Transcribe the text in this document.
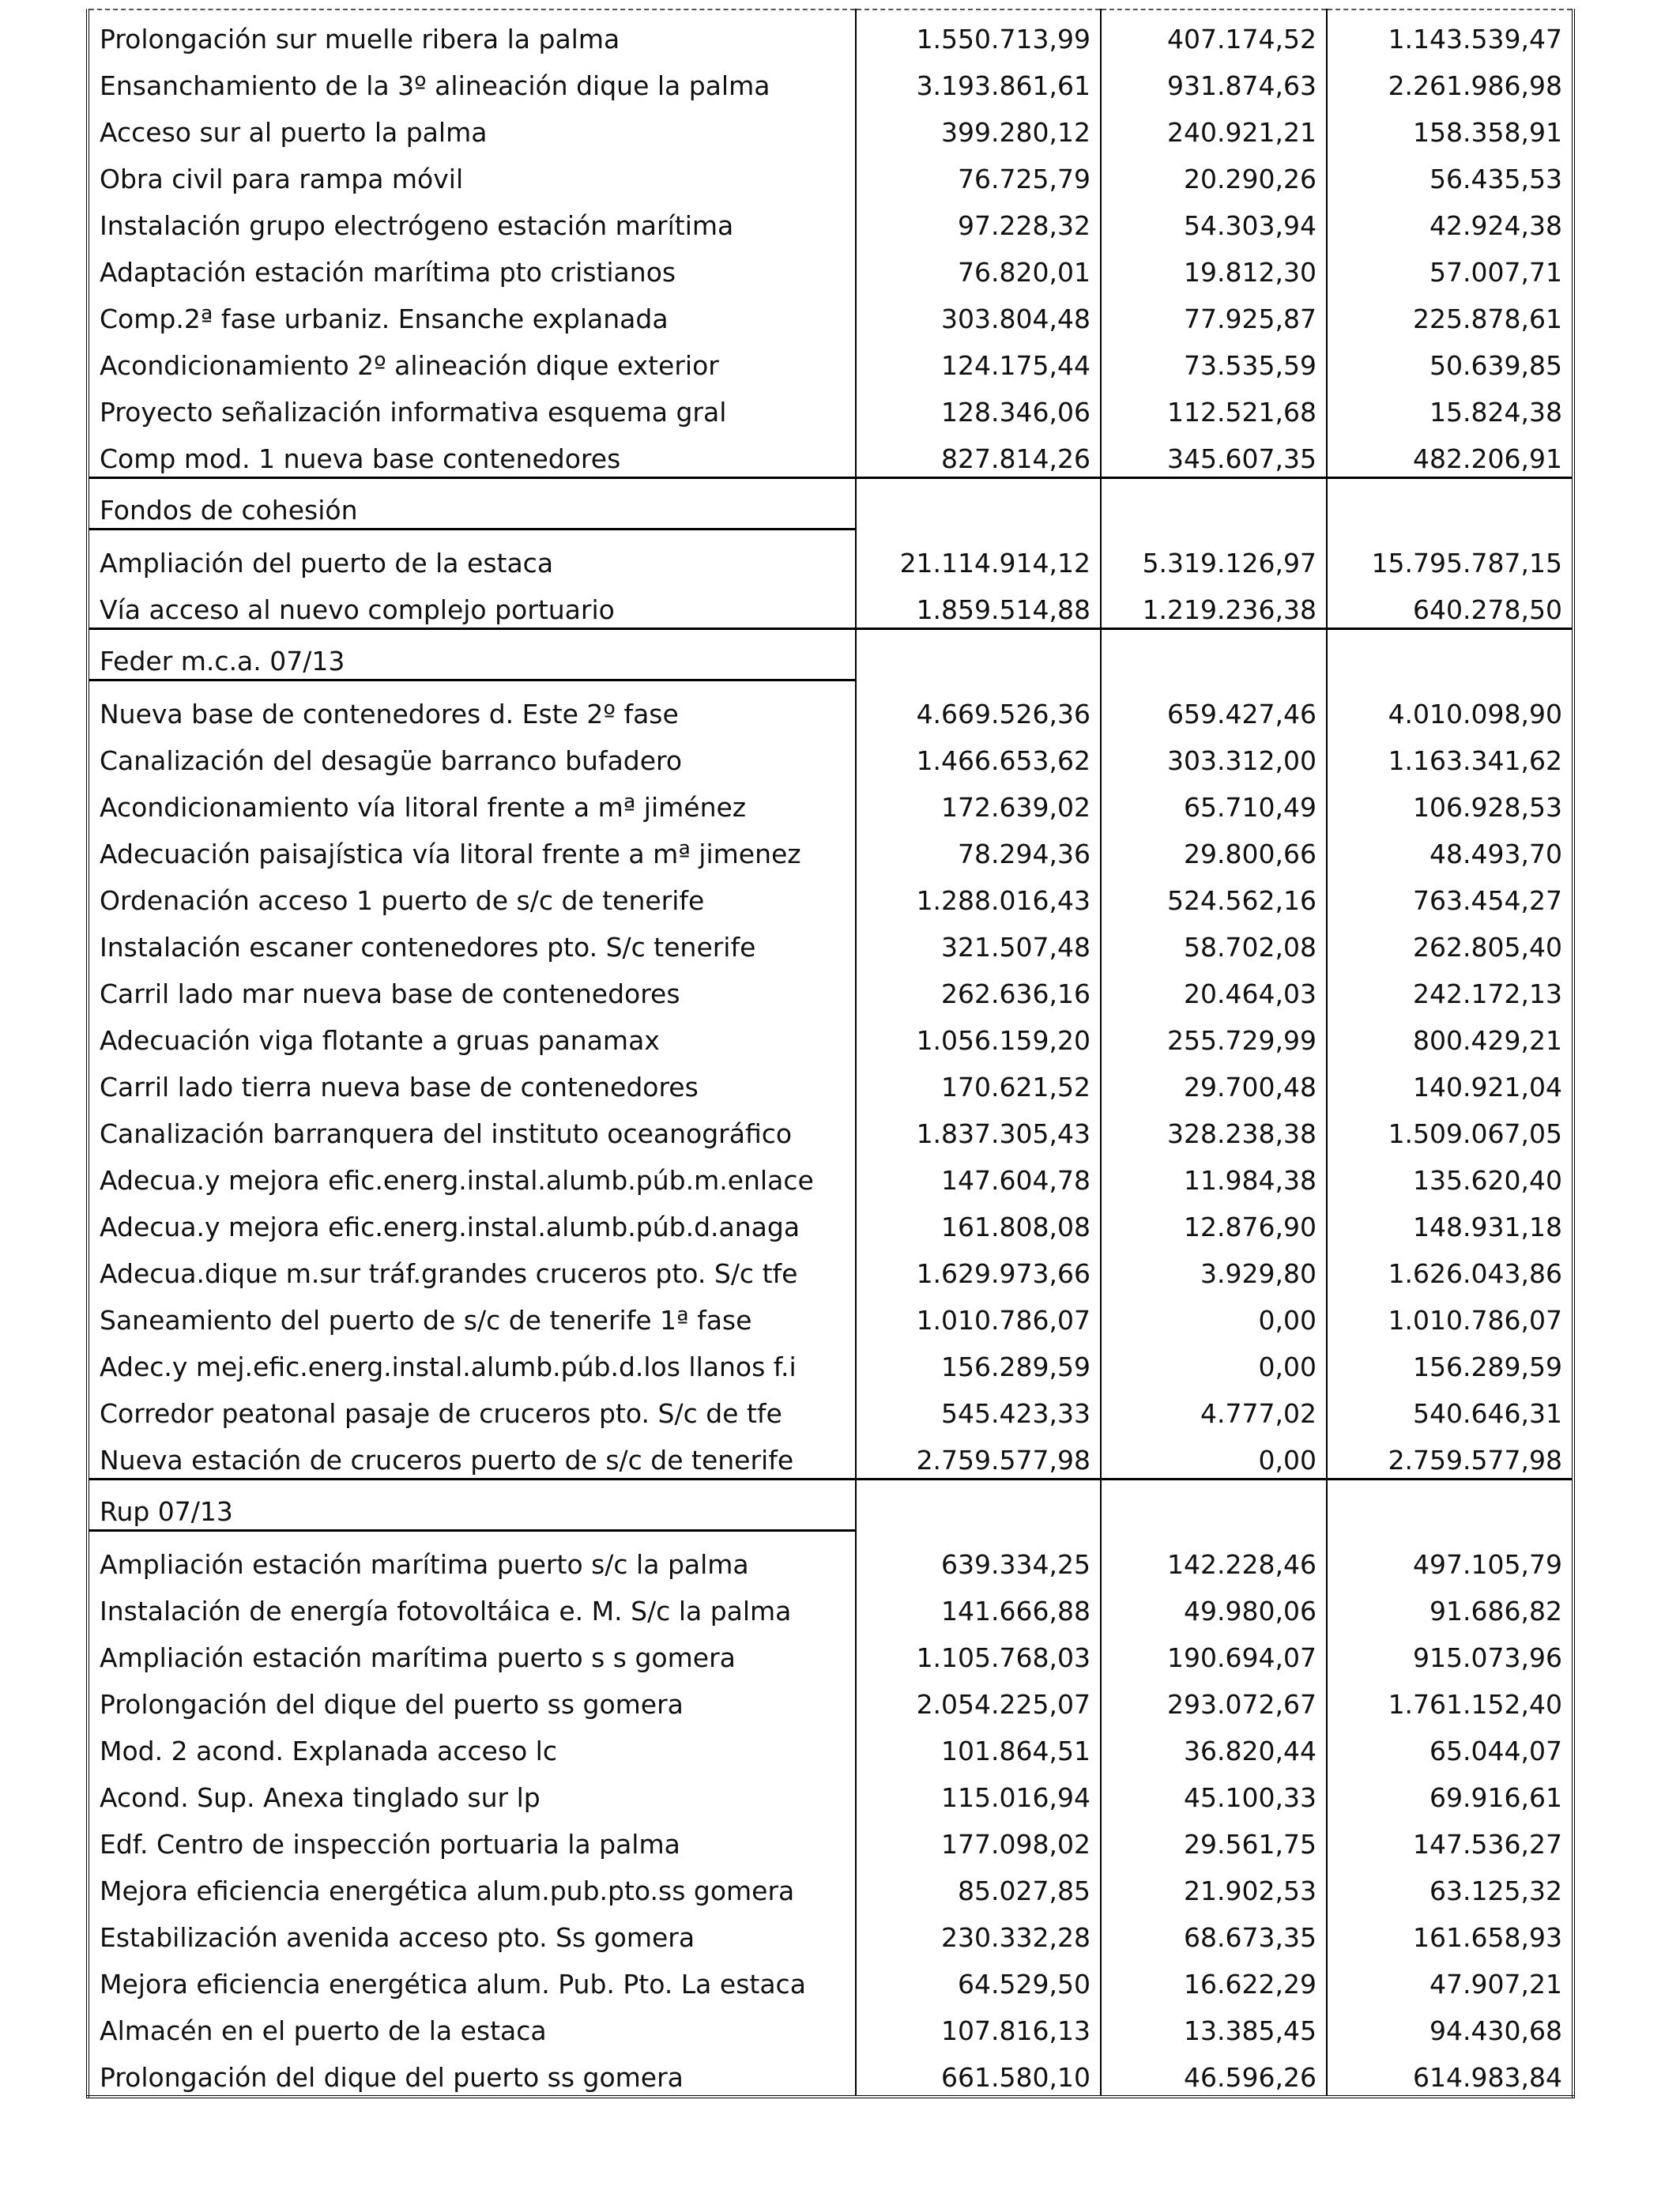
Prolongación sur muelle ribera la palma	1.550.713,99	407.174,52	1.143.539,47
Ensanchamiento de la 3º alineación dique la palma	3.193.861,61	931.874,63	2.261.986,98
Acceso sur al puerto la palma	399.280,12	240.921,21	158.358,91
Obra civil para rampa móvil	76.725,79	20.290,26	56.435,53
Instalación grupo electrógeno estación marítima	97.228,32	54.303,94	42.924,38
Adaptación estación marítima pto cristianos	76.820,01	19.812,30	57.007,71
Comp.2ª fase urbaniz. Ensanche explanada	303.804,48	77.925,87	225.878,61
Acondicionamiento 2º alineación dique exterior	124.175,44	73.535,59	50.639,85
Proyecto señalización informativa esquema gral	128.346,06	112.521,68	15.824,38
Comp mod. 1 nueva base contenedores	827.814,26	345.607,35	482.206,91
Fondos de cohesión			
Ampliación del puerto de la estaca	21.114.914,12	5.319.126,97	15.795.787,15
Vía acceso al nuevo complejo portuario	1.859.514,88	1.219.236,38	640.278,50
Feder m.c.a. 07/13			
Nueva base de contenedores d. Este 2º fase	4.669.526,36	659.427,46	4.010.098,90
Canalización del desagüe barranco bufadero	1.466.653,62	303.312,00	1.163.341,62
Acondicionamiento vía litoral frente a mª jiménez	172.639,02	65.710,49	106.928,53
Adecuación paisajística vía litoral frente a mª jimenez	78.294,36	29.800,66	48.493,70
Ordenación acceso 1 puerto de s/c de tenerife	1.288.016,43	524.562,16	763.454,27
Instalación escaner contenedores pto. S/c tenerife	321.507,48	58.702,08	262.805,40
Carril lado mar nueva base de contenedores	262.636,16	20.464,03	242.172,13
Adecuación viga flotante a gruas panamax	1.056.159,20	255.729,99	800.429,21
Carril lado tierra nueva base de contenedores	170.621,52	29.700,48	140.921,04
Canalización barranquera del instituto oceanográfico	1.837.305,43	328.238,38	1.509.067,05
Adecua.y mejora efic.energ.instal.alumb.púb.m.enlace	147.604,78	11.984,38	135.620,40
Adecua.y mejora efic.energ.instal.alumb.púb.d.anaga	161.808,08	12.876,90	148.931,18
Adecua.dique m.sur tráf.grandes cruceros pto. S/c tfe	1.629.973,66	3.929,80	1.626.043,86
Saneamiento del puerto de s/c de tenerife 1ª fase	1.010.786,07	0,00	1.010.786,07
Adec.y mej.efic.energ.instal.alumb.púb.d.los llanos f.i	156.289,59	0,00	156.289,59
Corredor peatonal pasaje de cruceros pto. S/c de tfe	545.423,33	4.777,02	540.646,31
Nueva estación de cruceros puerto de s/c de tenerife	2.759.577,98	0,00	2.759.577,98
Rup 07/13			
Ampliación estación marítima puerto s/c la palma	639.334,25	142.228,46	497.105,79
Instalación de energía fotovoltáica e. M. S/c la palma	141.666,88	49.980,06	91.686,82
Ampliación estación marítima puerto s s gomera	1.105.768,03	190.694,07	915.073,96
Prolongación del dique del puerto ss gomera	2.054.225,07	293.072,67	1.761.152,40
Mod. 2 acond. Explanada acceso lc	101.864,51	36.820,44	65.044,07
Acond. Sup. Anexa tinglado sur lp	115.016,94	45.100,33	69.916,61
Edf. Centro de inspección portuaria la palma	177.098,02	29.561,75	147.536,27
Mejora eficiencia energética alum.pub.pto.ss gomera	85.027,85	21.902,53	63.125,32
Estabilización avenida acceso pto. Ss gomera	230.332,28	68.673,35	161.658,93
Mejora eficiencia energética alum. Pub. Pto. La estaca	64.529,50	16.622,29	47.907,21
Almacén en el puerto de la estaca	107.816,13	13.385,45	94.430,68
Prolongación del dique del puerto ss gomera	661.580,10	46.596,26	614.983,84
